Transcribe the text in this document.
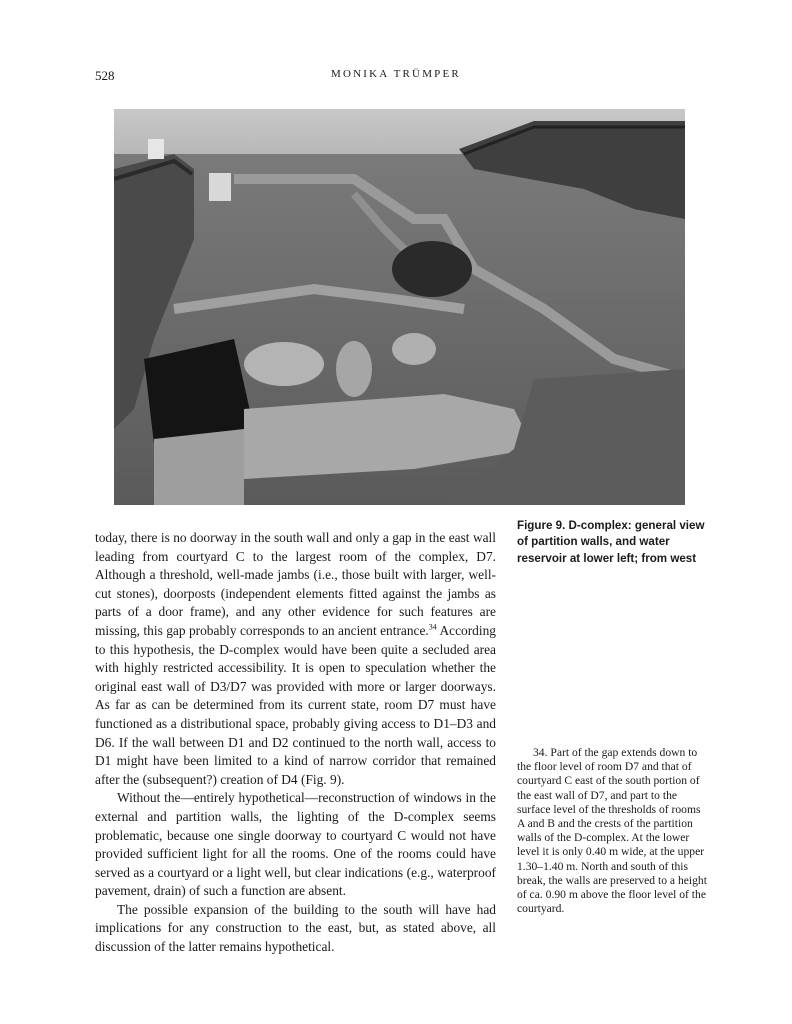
528	MONIKA TRÜMPER
Figure 9. D-complex: general view of partition walls, and water reservoir at lower left; from west

today, there is no doorway in the south wall and only a gap in the east wall leading from courtyard C to the largest room of the complex, D7. Although a threshold, well-made jambs (i.e., those built with larger, well-cut stones), doorposts (independent elements fitted against the jambs as parts of a door frame), and any other evidence for such features are missing, this gap probably corresponds to an ancient entrance.$^{34}$ According to this hypothesis, the D-complex would have been quite a secluded area with highly restricted accessibility. It is open to speculation whether the original east wall of D3/D7 was provided with more or larger doorways. As far as can be determined from its current state, room D7 must have functioned as a distributional space, probably giving access to D1–D3 and D6. If the wall between D1 and D2 continued to the north wall, access to D1 might have been limited to a kind of narrow corridor that remained after the (subsequent?) creation of D4 (Fig. 9).

Without the—entirely hypothetical—reconstruction of windows in the external and partition walls, the lighting of the D-complex seems problematic, because one single doorway to courtyard C would not have provided sufficient light for all the rooms. One of the rooms could have served as a courtyard or a light well, but clear indications (e.g., waterproof pavement, drain) of such a function are absent.

The possible expansion of the building to the south will have had implications for any construction to the east, but, as stated above, all discussion of the latter remains hypothetical.

34. Part of the gap extends down to the floor level of room D7 and that of courtyard C east of the south portion of the east wall of D7, and part to the surface level of the thresholds of rooms A and B and the crests of the partition walls of the D-complex. At the lower level it is only 0.40 m wide, at the upper 1.30–1.40 m. North and south of this break, the walls are preserved to a height of ca. 0.90 m above the floor level of the courtyard.
